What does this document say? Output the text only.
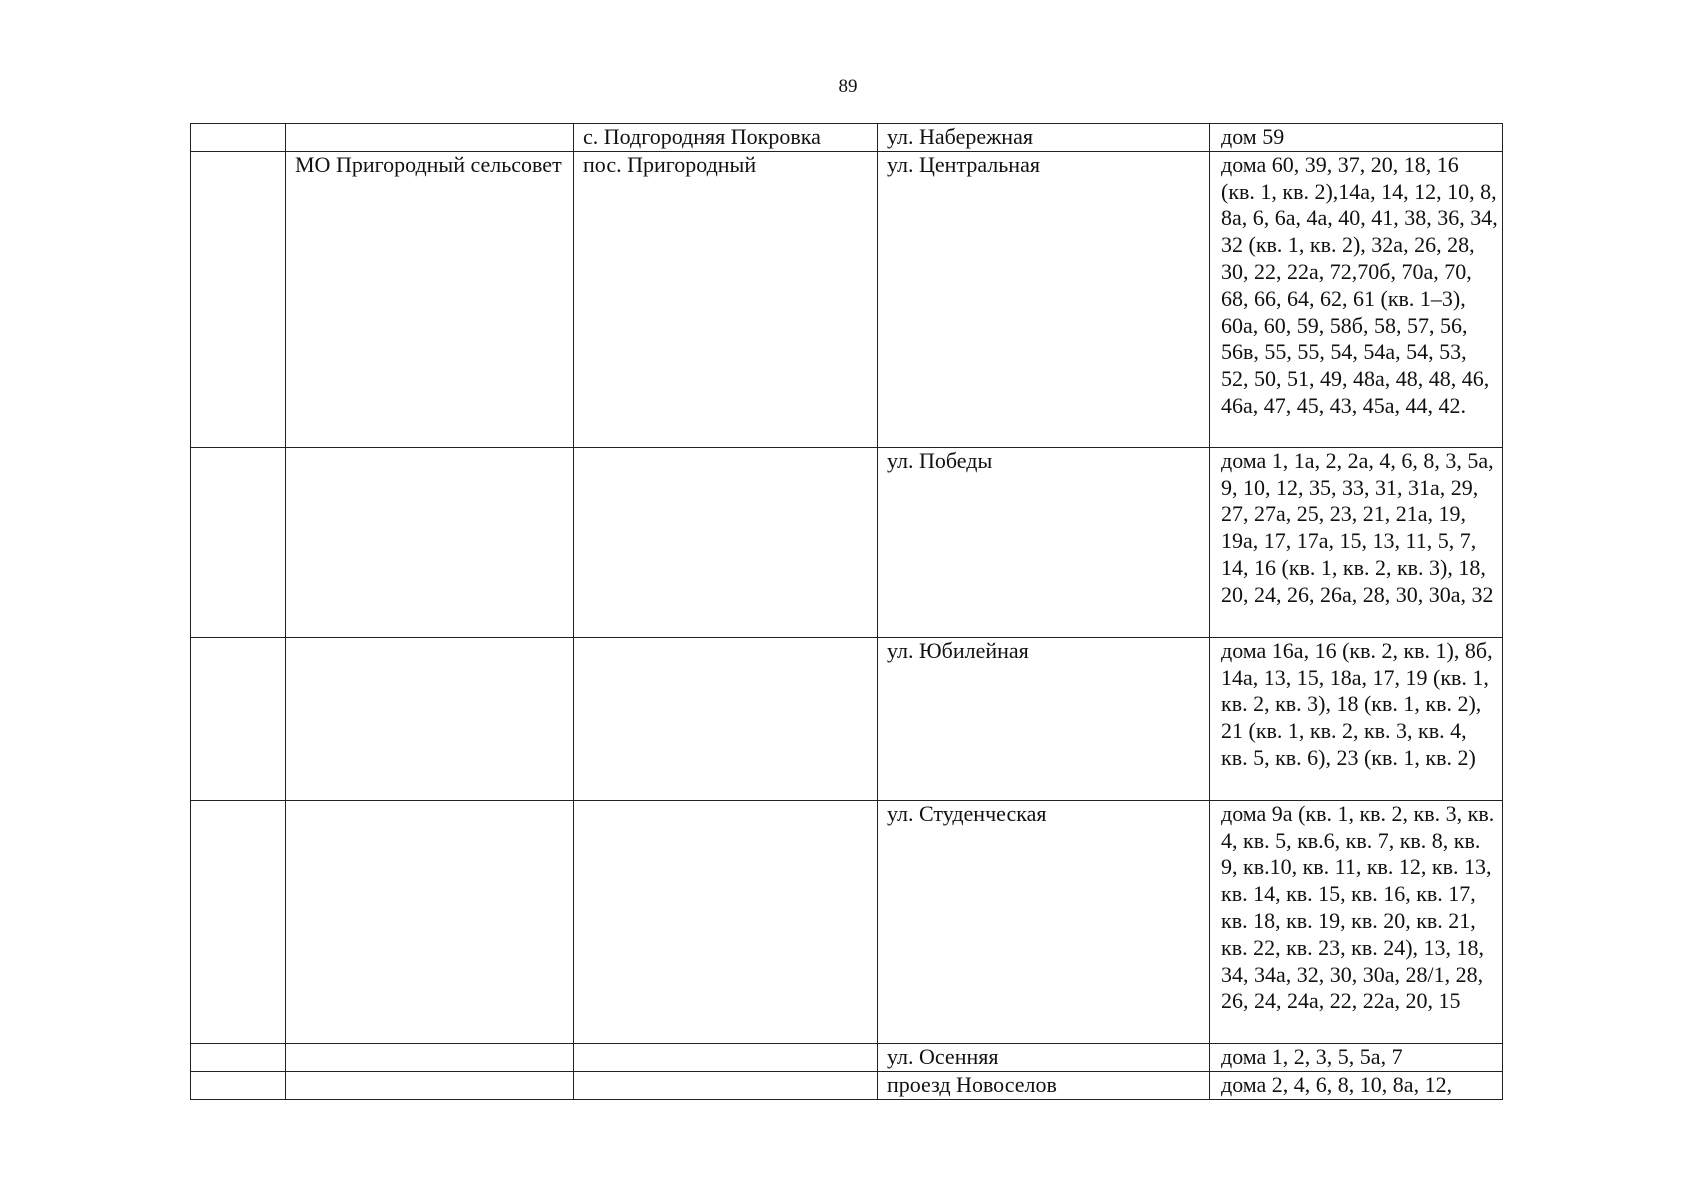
89
		с. Подгородняя Покровка	ул. Набережная	дом 59
	МО Пригородный сельсовет	пос. Пригородный	ул. Центральная	дома 60, 39, 37, 20, 18, 16 (кв. 1, кв. 2),14а, 14, 12, 10, 8, 8а, 6, 6а, 4а, 40, 41, 38, 36, 34, 32 (кв. 1, кв. 2), 32а, 26, 28, 30, 22, 22а, 72,70б, 70а, 70, 68, 66, 64, 62, 61 (кв. 1–3), 60а, 60, 59, 58б, 58, 57, 56, 56в, 55, 55, 54, 54а, 54, 53, 52, 50, 51, 49, 48а, 48, 48, 46, 46а, 47, 45, 43, 45а, 44, 42.
			ул. Победы	дома 1, 1а, 2, 2а, 4, 6, 8, 3, 5а, 9, 10, 12, 35, 33, 31, 31а, 29, 27, 27а, 25, 23, 21, 21а, 19, 19а, 17, 17а, 15, 13, 11, 5, 7, 14, 16 (кв. 1, кв. 2, кв. 3), 18, 20, 24, 26, 26а, 28, 30, 30а, 32
			ул. Юбилейная	дома 16а, 16 (кв. 2, кв. 1), 8б, 14а, 13, 15, 18а, 17, 19 (кв. 1, кв. 2, кв. 3), 18 (кв. 1, кв. 2), 21 (кв. 1, кв. 2, кв. 3, кв. 4, кв. 5, кв. 6), 23 (кв. 1, кв. 2)
			ул. Студенческая	дома 9а (кв. 1, кв. 2, кв. 3, кв. 4, кв. 5, кв.6, кв. 7, кв. 8, кв. 9, кв.10, кв. 11, кв. 12, кв. 13, кв. 14, кв. 15, кв. 16, кв. 17, кв. 18, кв. 19, кв. 20, кв. 21, кв. 22, кв. 23, кв. 24), 13, 18, 34, 34а, 32, 30, 30а, 28/1, 28, 26, 24, 24а, 22, 22а, 20, 15
			ул. Осенняя	дома 1, 2, 3, 5, 5а, 7
			проезд Новоселов	дома 2, 4, 6, 8, 10, 8а, 12,
